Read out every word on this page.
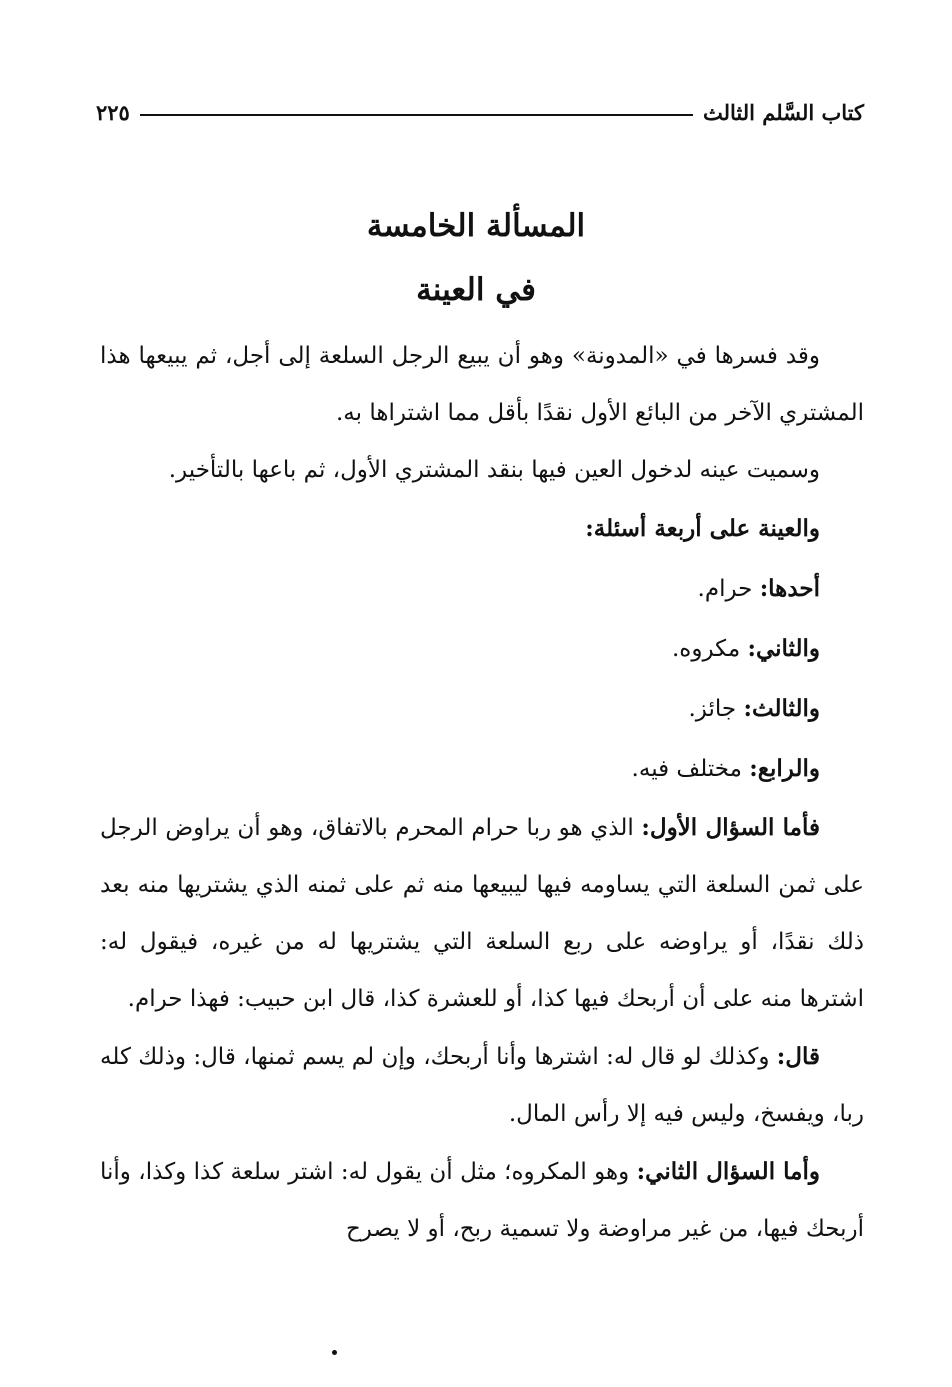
كتاب السَّلم الثالث
٢٢٥
المسألة الخامسة
في العينة

وقد فسرها في «المدونة» وهو أن يبيع الرجل السلعة إلى أجل، ثم يبيعها هذا المشتري الآخر من البائع الأول نقدًا بأقل مما اشتراها به.

وسميت عينه لدخول العين فيها بنقد المشتري الأول، ثم باعها بالتأخير.

والعينة على أربعة أسئلة:

أحدها: حرام.

والثاني: مكروه.

والثالث: جائز.

والرابع: مختلف فيه.

فأما السؤال الأول: الذي هو ربا حرام المحرم بالاتفاق، وهو أن يراوض الرجل على ثمن السلعة التي يساومه فيها ليبيعها منه ثم على ثمنه الذي يشتريها منه بعد ذلك نقدًا، أو يراوضه على ربع السلعة التي يشتريها له من غيره، فيقول له: اشترها منه على أن أربحك فيها كذا، أو للعشرة كذا، قال ابن حبيب: فهذا حرام.

قال: وكذلك لو قال له: اشترها وأنا أربحك، وإن لم يسم ثمنها، قال: وذلك كله ربا، ويفسخ، وليس فيه إلا رأس المال.

وأما السؤال الثاني: وهو المكروه؛ مثل أن يقول له: اشتر سلعة كذا وكذا، وأنا أربحك فيها، من غير مراوضة ولا تسمية ربح، أو لا يصرح
